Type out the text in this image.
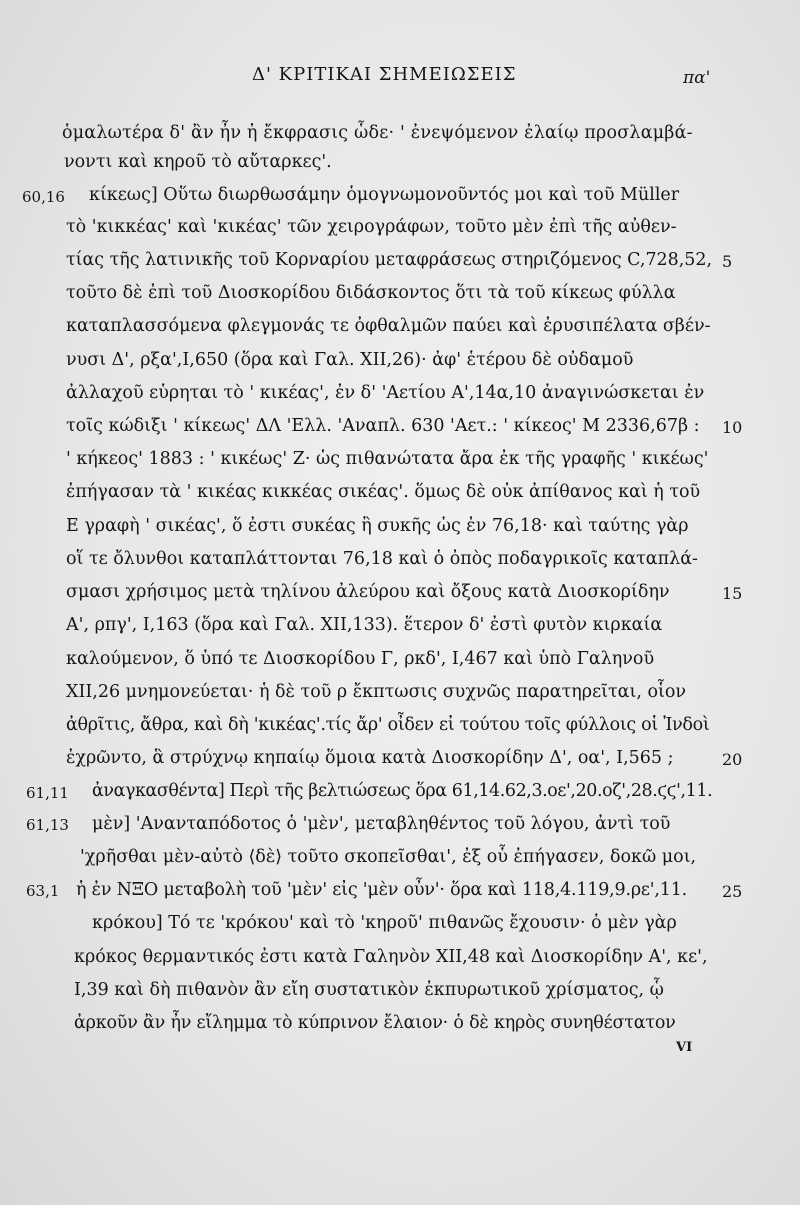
Δ' ΚΡΙΤΙΚΑΙ ΣΗΜΕΙΩΣΕΙΣ	πα'
ὁμαλωτέρα δ' ἂν ἦν ἡ ἔκφρασις ὧδε· ' ἐνεψόμενον ἐλαίῳ προσλαμβά-
νοντι καὶ κηροῦ τὸ αὔταρκες'.
κίκεως] Οὕτω διωρθωσάμην ὁμογνωμονοῦντός μοι καὶ τοῦ Müller
τὸ 'κικκέας' καὶ 'κικέας' τῶν χειρογράφων, τοῦτο μὲν ἐπὶ τῆς αὐθεν-
τίας τῆς λατινικῆς τοῦ Κορναρίου μεταφράσεως στηριζόμενος C,728,52,
τοῦτο δὲ ἐπὶ τοῦ Διοσκορίδου διδάσκοντος ὅτι τὰ τοῦ κίκεως φύλλα
καταπλασσόμενα φλεγμονάς τε ὀφθαλμῶν παύει καὶ ἐρυσιπέλατα σβέν-
νυσι Δ', ρξα',Ι,650 (ὅρα καὶ Γαλ. XII,26)· ἀφ' ἑτέρου δὲ οὐδαμοῦ
ἀλλαχοῦ εὑρηται τὸ ' κικέας', ἐν δ' 'Αετίου Α',14α,10 ἀναγινώσκεται ἐν
τοῖς κώδιξι ' κίκεως' ΔΛ 'Ελλ. 'Αναπλ. 630 'Αετ.: ' κίκεος' Μ 2336,67β :
' κήκεος' 1883 : ' κικέως' Ζ· ὡς πιθανώτατα ἄρα ἐκ τῆς γραφῆς ' κικέως'
ἐπήγασαν τὰ ' κικέας κικκέας σικέας'. ὅμως δὲ οὐκ ἀπίθανος καὶ ἡ τοῦ
Ε γραφὴ ' σικέας', ὅ ἐστι συκέας ἢ συκῆς ὡς ἐν 76,18· καὶ ταύτης γὰρ
οἵ τε ὄλυνθοι καταπλάττονται 76,18 καὶ ὁ ὀπὸς ποδαγρικοῖς καταπλά-
σμασι χρήσιμος μετὰ τηλίνου ἀλεύρου καὶ ὄξους κατὰ Διοσκορίδην
Α', ρπγ', Ι,163 (ὅρα καὶ Γαλ. XII,133). ἕτερον δ' ἐστὶ φυτὸν κιρκαία
καλούμενον, ὅ ὑπό τε Διοσκορίδου Γ, ρκδ', Ι,467 καὶ ὑπὸ Γαληνοῦ
XII,26 μνημονεύεται· ἡ δὲ τοῦ ρ ἔκπτωσις συχνῶς παρατηρεῖται, οἷον
ἀθρῖτις, ἄθρα, καὶ δὴ 'κικέας'.τίς ἄρ' οἶδεν εἰ τούτου τοῖς φύλλοις οἱ Ἰνδοὶ
ἐχρῶντο, ἃ στρύχνῳ κηπαίῳ ὅμοια κατὰ Διοσκορίδην Δ', οα', Ι,565 ;
ἀναγκασθέντα] Περὶ τῆς βελτιώσεως ὅρα 61,14.62,3.οε',20.οζ',28.ϛϛ',11.
μὲν] 'Ανανταπόδοτος ὁ 'μὲν', μεταβληθέντος τοῦ λόγου, ἀντὶ τοῦ
'χρῆσθαι μὲν-αὐτὸ ⟨δὲ⟩ τοῦτο σκοπεῖσθαι', ἐξ οὗ ἐπήγασεν, δοκῶ μοι,
ἡ ἐν ΝΞΟ μεταβολὴ τοῦ 'μὲν' εἰς 'μὲν οὖν'· ὅρα καὶ 118,4.119,9.ρε',11.
κρόκου] Τό τε 'κρόκου' καὶ τὸ 'κηροῦ' πιθανῶς ἔχουσιν· ὁ μὲν γὰρ
κρόκος θερμαντικός ἐστι κατὰ Γαληνὸν XII,48 καὶ Διοσκορίδην Α', κε',
Ι,39 καὶ δὴ πιθανὸν ἂν εἴη συστατικὸν ἐκπυρωτικοῦ χρίσματος, ᾧ
ἀρκοῦν ἂν ἦν εἴλημμα τὸ κύπρινον ἔλαιον· ὁ δὲ κηρὸς συνηθέστατον
60,16
61,11
61,13
63,1
5
10
15
20
25
VI
